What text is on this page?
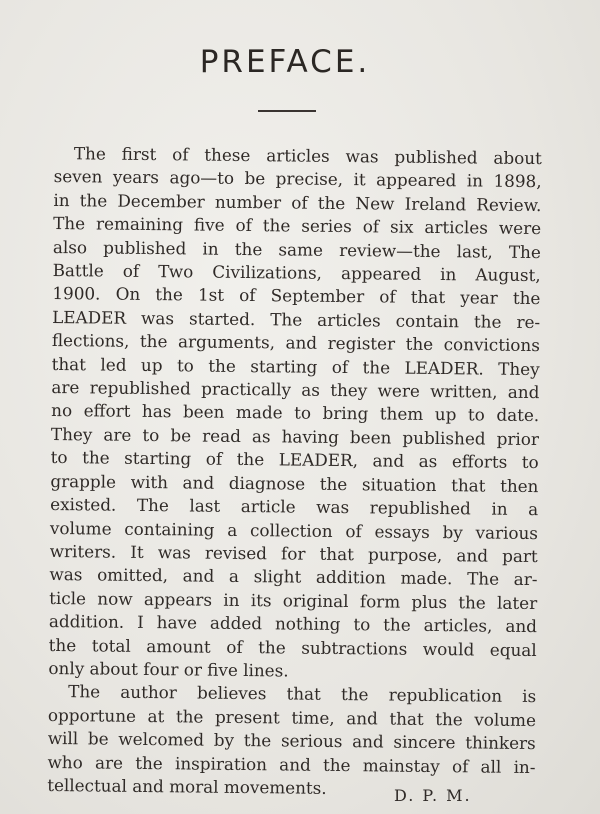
PREFACE.
The first of these articles was published about
seven years ago—to be precise, it appeared in 1898,
in the December number of the New Ireland Review.
The remaining five of the series of six articles were
also published in the same review—the last, The
Battle of Two Civilizations, appeared in August,
1900. On the 1st of September of that year the
LEADER was started. The articles contain the re-
flections, the arguments, and register the convictions
that led up to the starting of the LEADER. They
are republished practically as they were written, and
no effort has been made to bring them up to date.
They are to be read as having been published prior
to the starting of the LEADER, and as efforts to
grapple with and diagnose the situation that then
existed. The last article was republished in a
volume containing a collection of essays by various
writers. It was revised for that purpose, and part
was omitted, and a slight addition made. The ar-
ticle now appears in its original form plus the later
addition. I have added nothing to the articles, and
the total amount of the subtractions would equal
only about four or five lines.
The author believes that the republication is
opportune at the present time, and that the volume
will be welcomed by the serious and sincere thinkers
who are the inspiration and the mainstay of all in-
tellectual and moral movements.	D. P. M.
